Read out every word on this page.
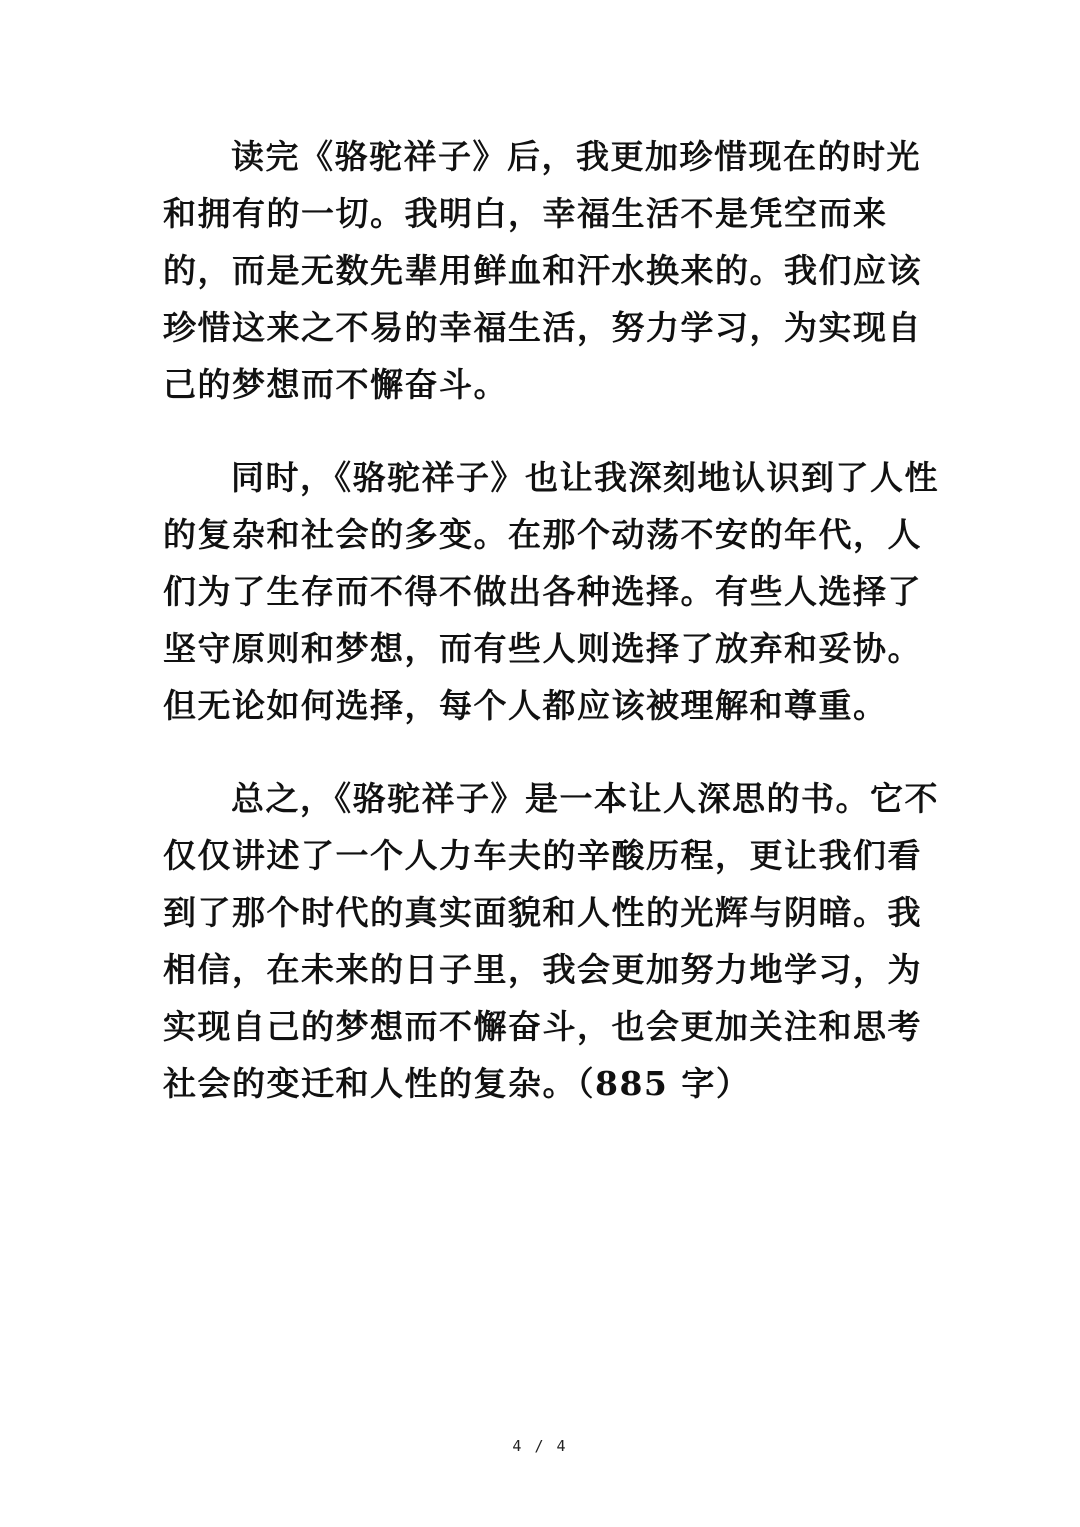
读完《骆驼祥子》后，我更加珍惜现在的时光
和拥有的一切。我明白，幸福生活不是凭空而来
的，而是无数先辈用鲜血和汗水换来的。我们应该
珍惜这来之不易的幸福生活，努力学习，为实现自
己的梦想而不懈奋斗。
同时，《骆驼祥子》也让我深刻地认识到了人性
的复杂和社会的多变。在那个动荡不安的年代，人
们为了生存而不得不做出各种选择。有些人选择了
坚守原则和梦想，而有些人则选择了放弃和妥协。
但无论如何选择，每个人都应该被理解和尊重。
总之，《骆驼祥子》是一本让人深思的书。它不
仅仅讲述了一个人力车夫的辛酸历程，更让我们看
到了那个时代的真实面貌和人性的光辉与阴暗。我
相信，在未来的日子里，我会更加努力地学习，为
实现自己的梦想而不懈奋斗，也会更加关注和思考
社会的变迁和人性的复杂。（885 字）
4 / 4
